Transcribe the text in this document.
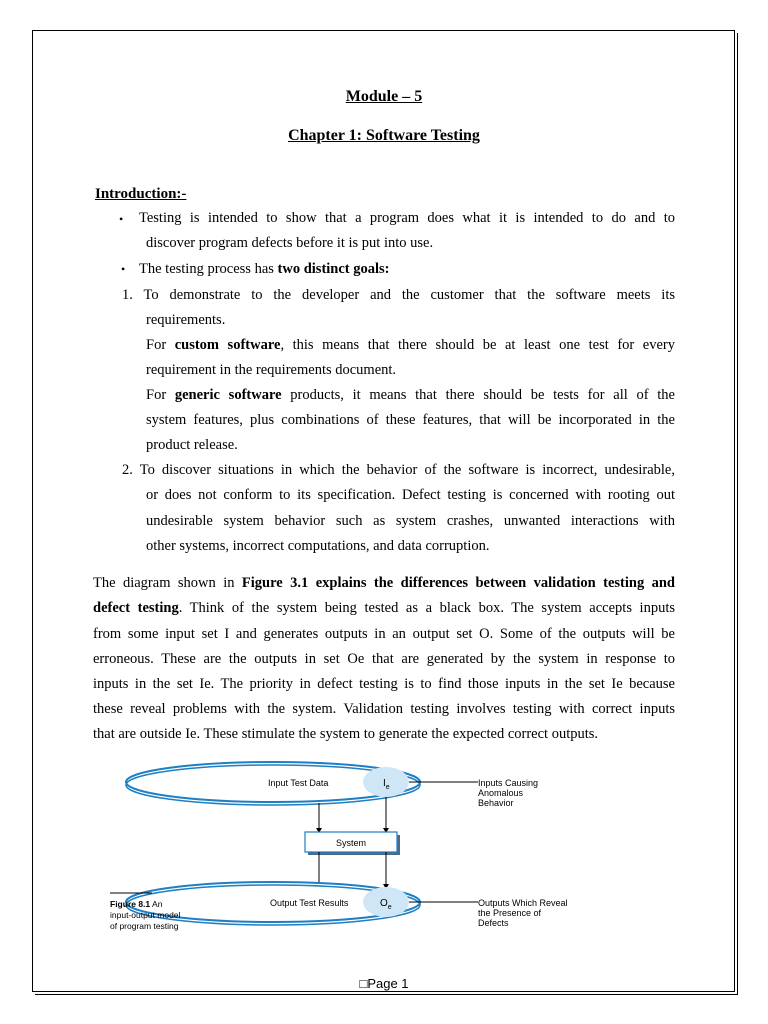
Module – 5
Chapter 1: Software Testing
Introduction:-
• Testing is intended to show that a program does what it is intended to do and to
discover program defects before it is put into use.
• The testing process has two distinct goals:
1. To demonstrate to the developer and the customer that the software meets its
requirements.
For custom software, this means that there should be at least one test for every
requirement in the requirements document.
For generic software products, it means that there should be tests for all of the
system features, plus combinations of these features, that will be incorporated in the
product release.
2. To discover situations in which the behavior of the software is incorrect, undesirable,
or does not conform to its specification. Defect testing is concerned with rooting out
undesirable system behavior such as system crashes, unwanted interactions with
other systems, incorrect computations, and data corruption.
The diagram shown in Figure 3.1 explains the differences between validation testing and
defect testing. Think of the system being tested as a black box. The system accepts inputs
from some input set I and generates outputs in an output set O. Some of the outputs will be
erroneous. These are the outputs in set Oe that are generated by the system in response to
inputs in the set Ie. The priority in defect testing is to find those inputs in the set Ie because
these reveal problems with the system. Validation testing involves testing with correct inputs
that are outside Ie. These stimulate the system to generate the expected correct outputs.
Input Test Data	$I_e$	Inputs Causing
Anomalous
Behavior
System
Output Test Results	$O_e$	Outputs Which Reveal
the Presence of
Defects
Figure 8.1 An
input-output model
of program testing
□Page 1
